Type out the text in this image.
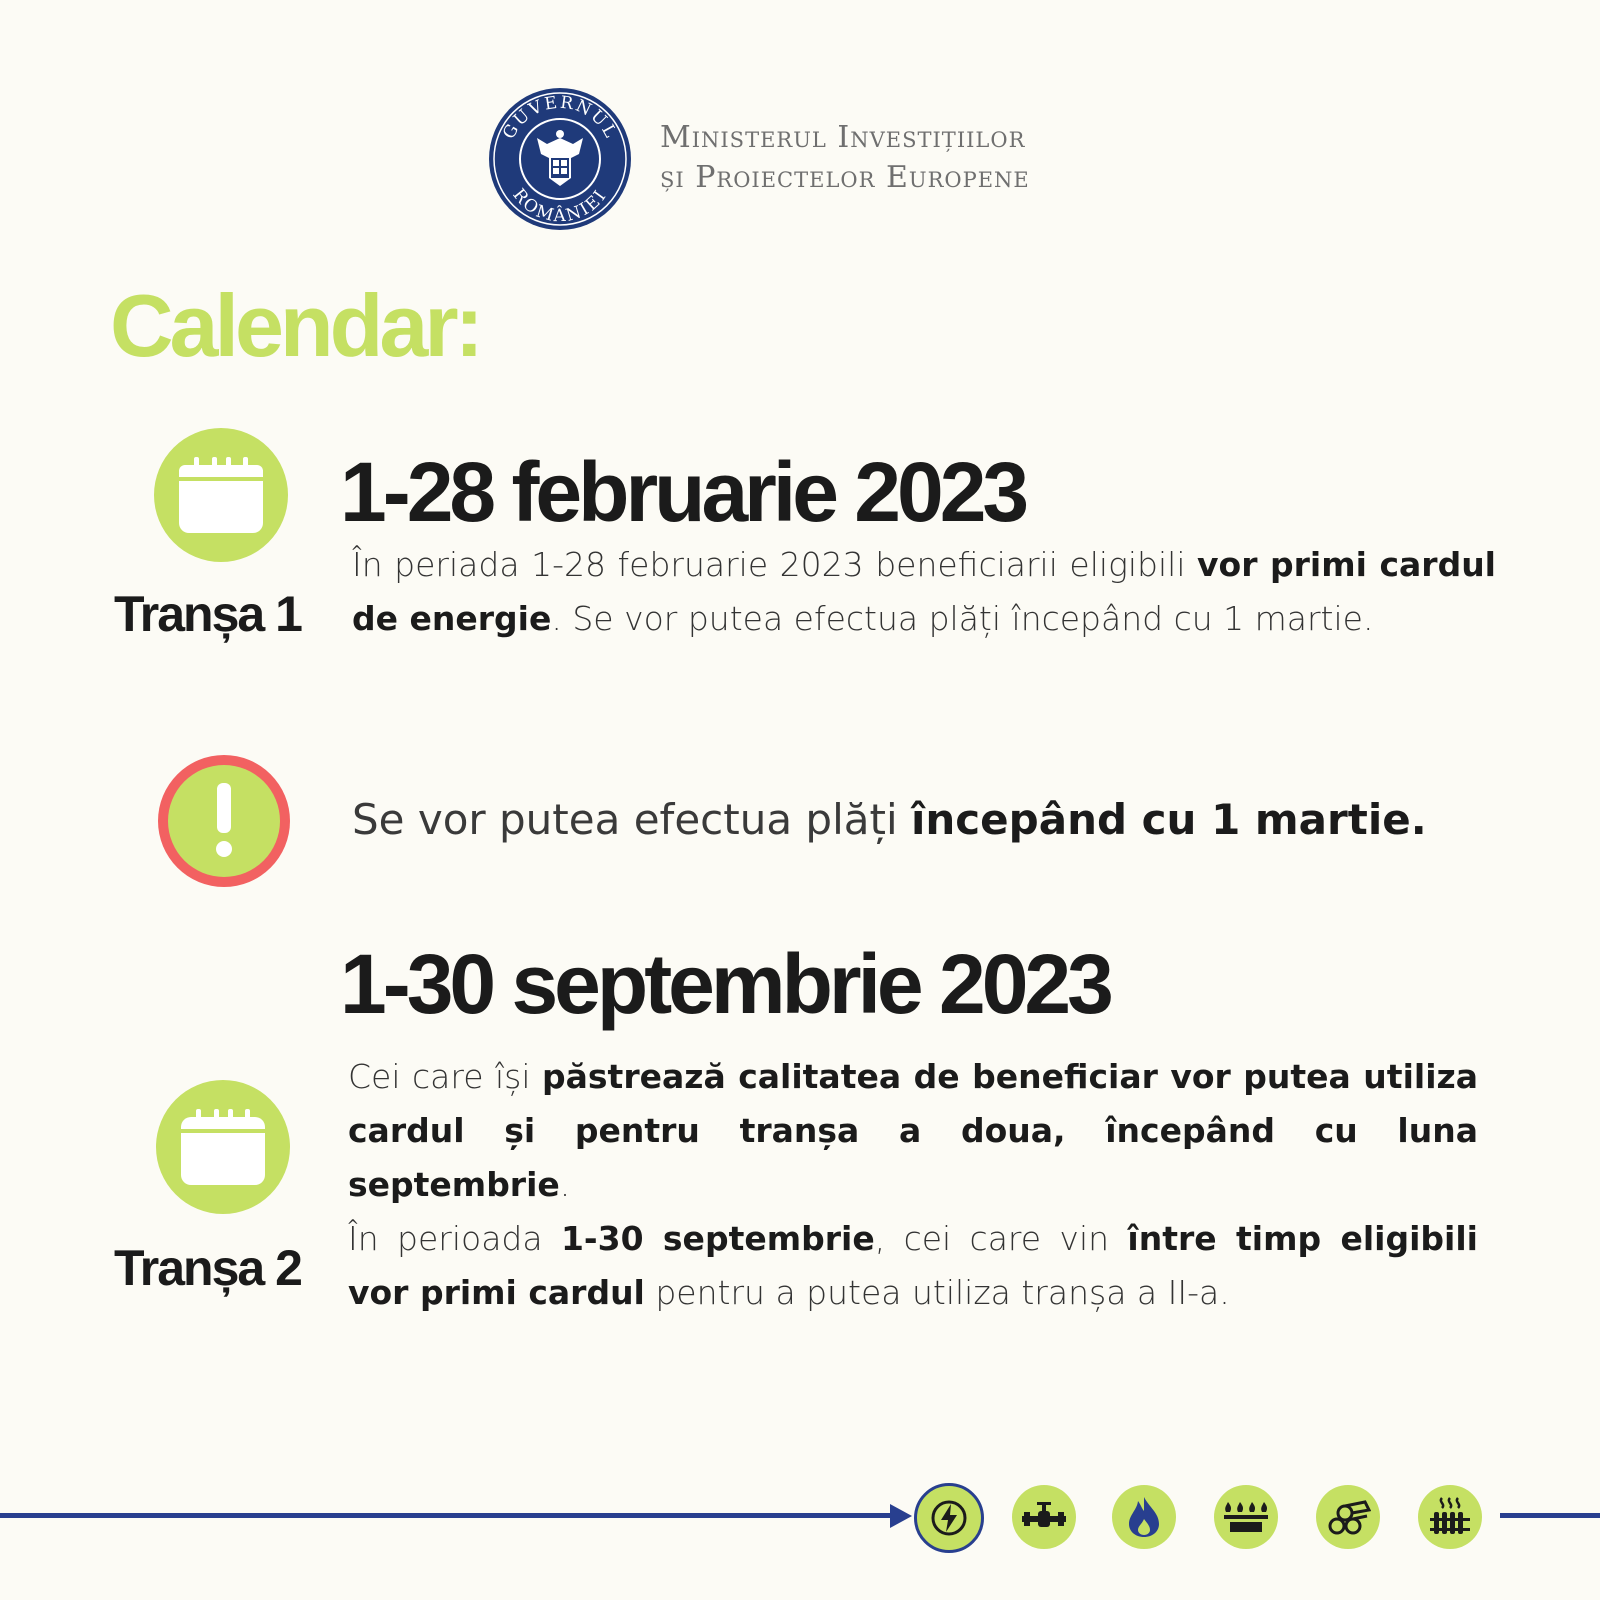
GUVERNUL
ROMÂNIEI
Ministerul Investițiilor
și Proiectelor Europene
Calendar:
Tranșa 1
1-28 februarie 2023
În periada 1-28 februarie 2023 beneficiarii eligibili vor primi cardul de energie. Se vor putea efectua plăți începând cu 1 martie.
Se vor putea efectua plăți începând cu 1 martie.
1-30 septembrie 2023
Tranșa 2
Cei care își păstrează calitatea de beneficiar vor putea utiliza cardul și pentru tranșa a doua, începând cu luna septembrie.
În perioada 1-30 septembrie, cei care vin între timp eligibili vor primi cardul pentru a putea utiliza tranșa a II-a.
